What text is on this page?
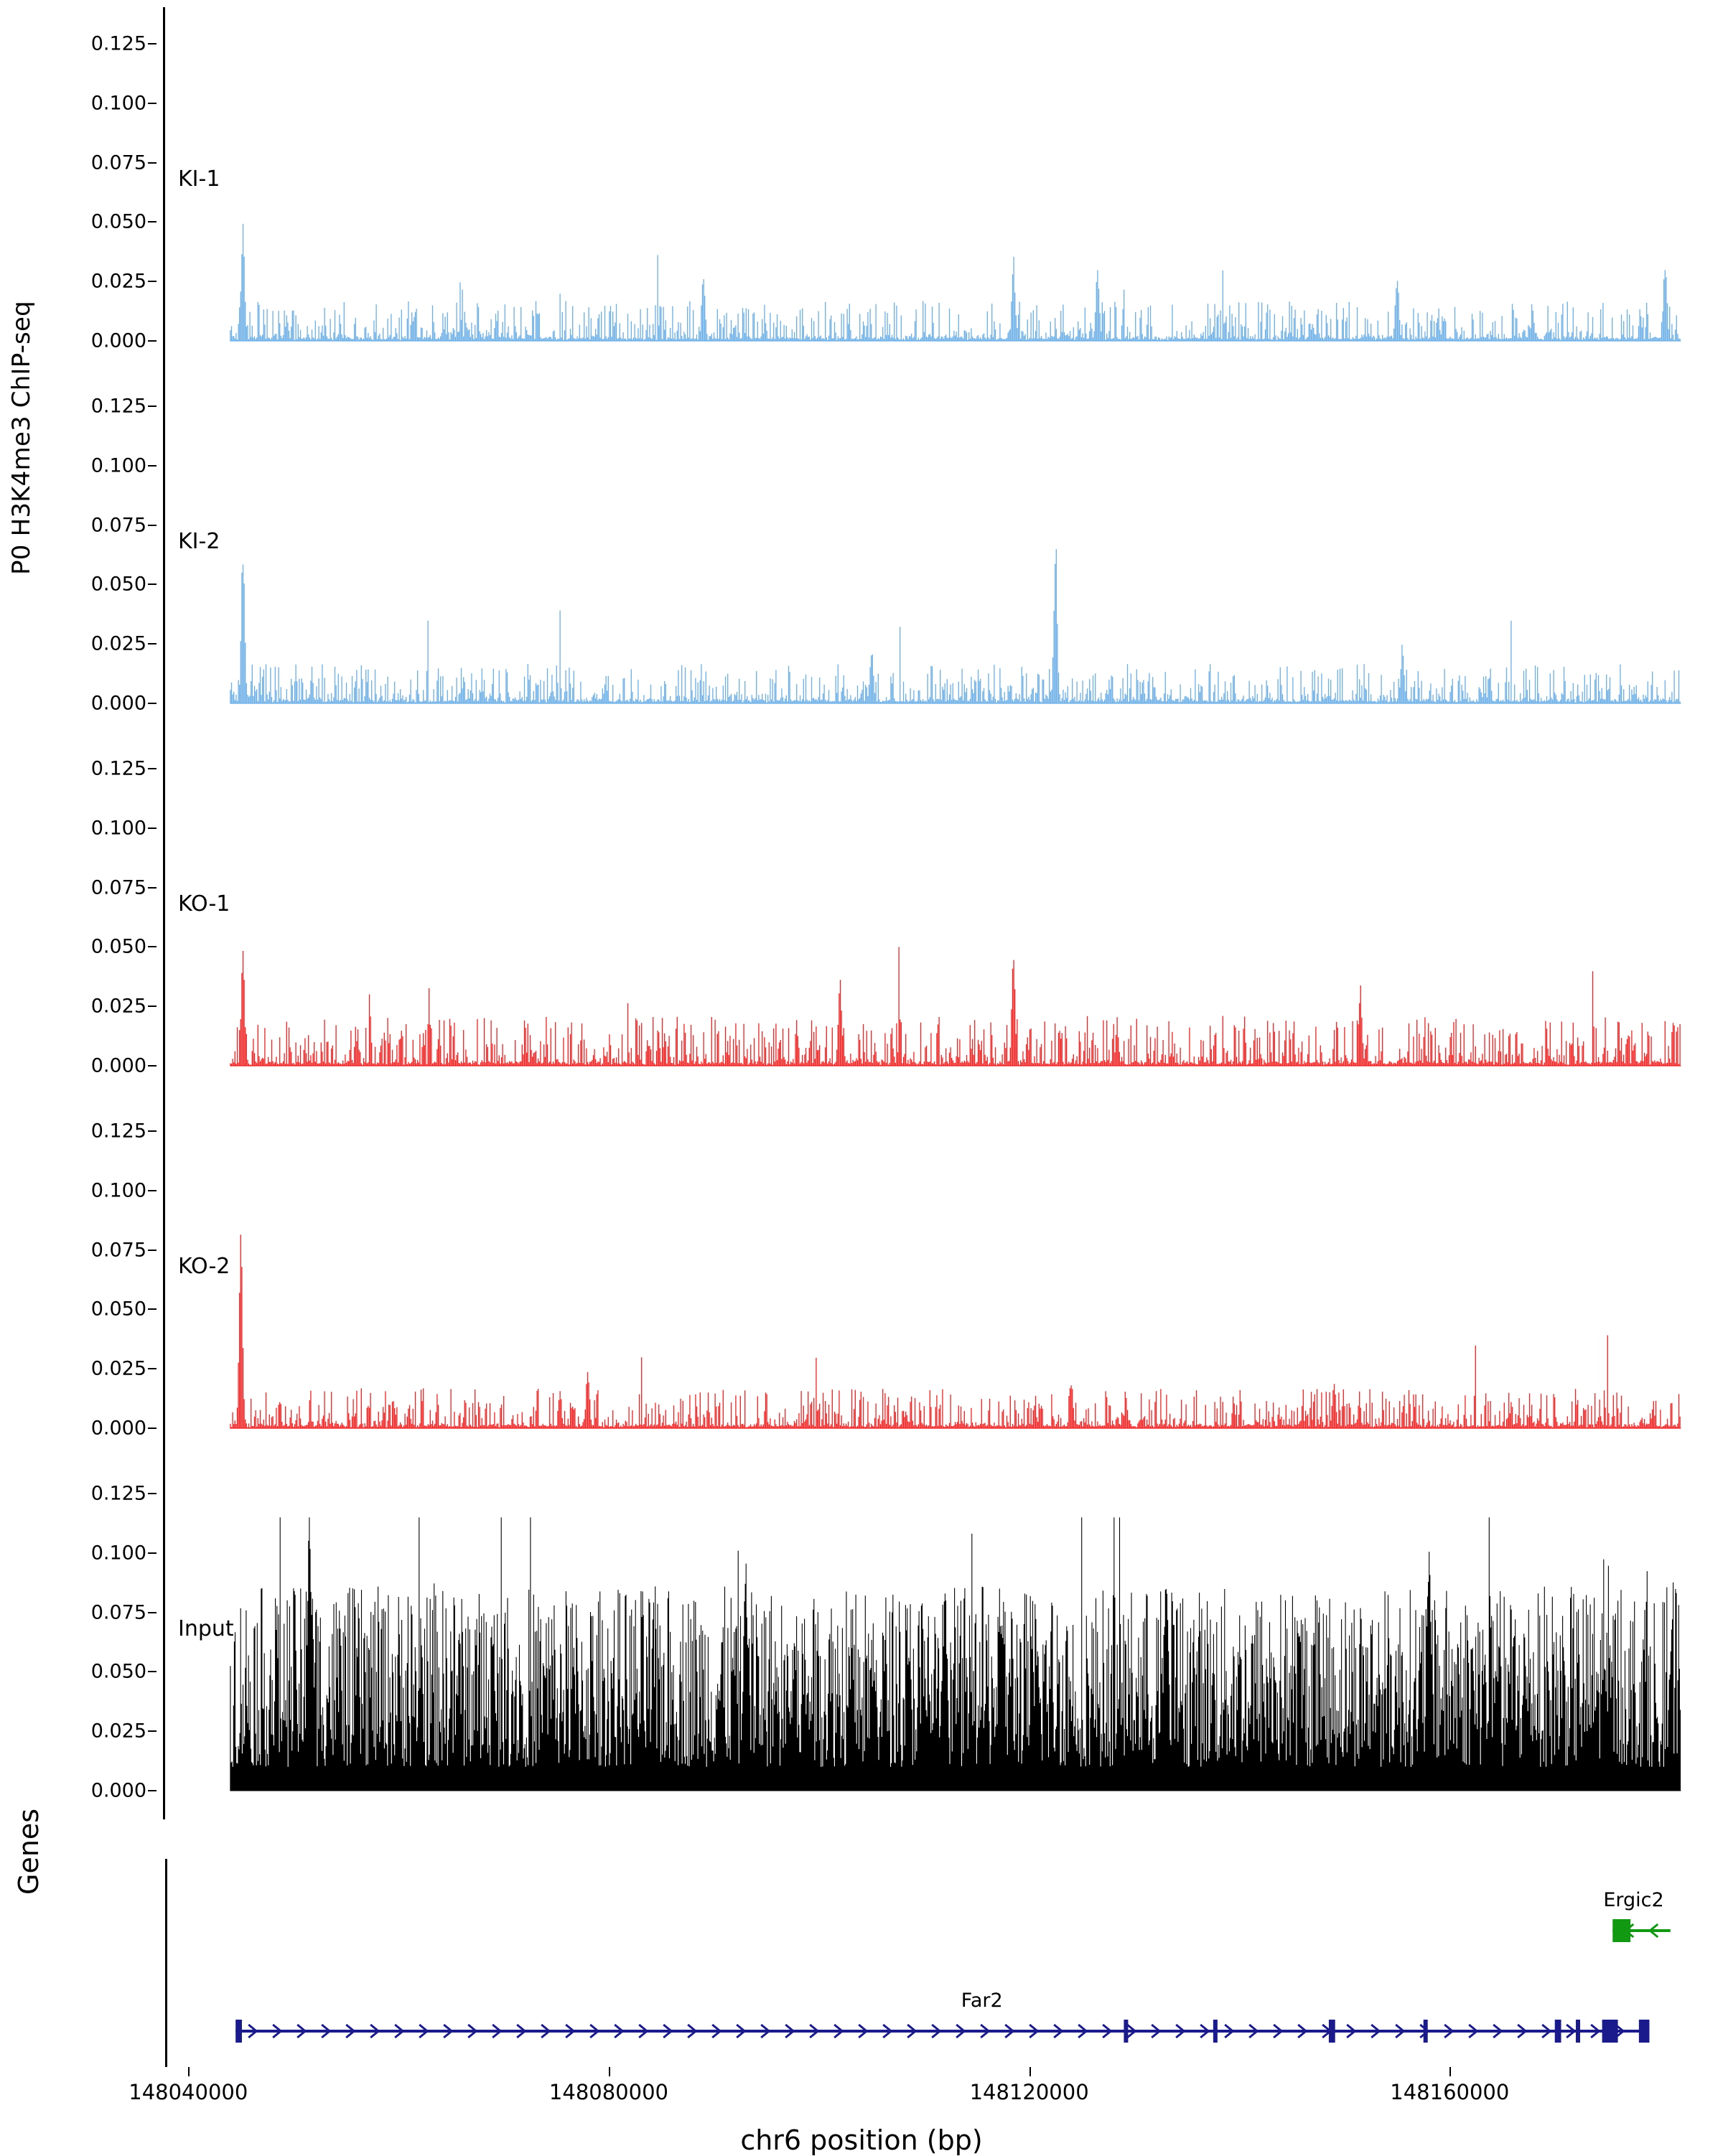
P0 H3K4me3 ChIP-seq	0.000
0.025
0.050
0.075
0.100
0.125
KI-1
0.000
0.025
0.050
0.075
0.100
0.125
KI-2
0.000
0.025
0.050
0.075
0.100
0.125
KO-1
0.000
0.025
0.050
0.075
0.100
0.125
KO-2
0.000
0.025
0.050
0.075
0.100
0.125
Input
Genes
Far2
Ergic2
148040000	148080000	148120000	148160000
chr6 position (bp)
